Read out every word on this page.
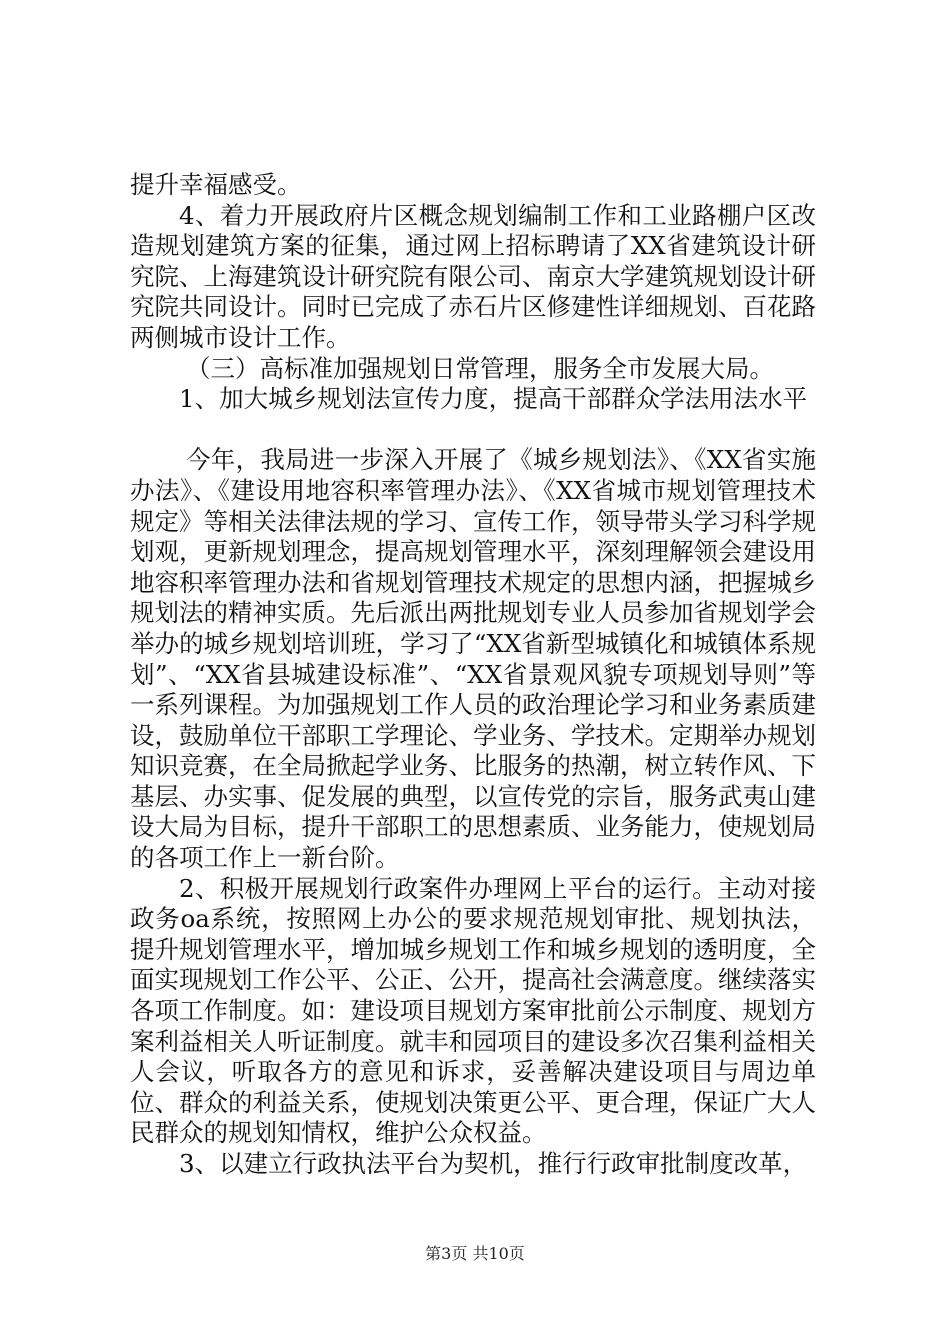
提升幸福感受。

4、着力开展政府片区概念规划编制工作和工业路棚户区改造规划建筑方案的征集，通过网上招标聘请了XX省建筑设计研究院、上海建筑设计研究院有限公司、南京大学建筑规划设计研究院共同设计。同时已完成了赤石片区修建性详细规划、百花路两侧城市设计工作。

（三）高标准加强规划日常管理，服务全市发展大局。

1、加大城乡规划法宣传力度，提高干部群众学法用法水平

今年，我局进一步深入开展了《城乡规划法》、《XX省实施办法》、《建设用地容积率管理办法》、《XX省城市规划管理技术规定》等相关法律法规的学习、宣传工作，领导带头学习科学规划观，更新规划理念，提高规划管理水平，深刻理解领会建设用地容积率管理办法和省规划管理技术规定的思想内涵，把握城乡规划法的精神实质。先后派出两批规划专业人员参加省规划学会举办的城乡规划培训班，学习了“XX省新型城镇化和城镇体系规划”、“XX省县城建设标准”、“XX省景观风貌专项规划导则”等一系列课程。为加强规划工作人员的政治理论学习和业务素质建设，鼓励单位干部职工学理论、学业务、学技术。定期举办规划知识竞赛，在全局掀起学业务、比服务的热潮，树立转作风、下基层、办实事、促发展的典型，以宣传党的宗旨，服务武夷山建设大局为目标，提升干部职工的思想素质、业务能力，使规划局的各项工作上一新台阶。

2、积极开展规划行政案件办理网上平台的运行。主动对接政务oa系统，按照网上办公的要求规范规划审批、规划执法，提升规划管理水平，增加城乡规划工作和城乡规划的透明度，全面实现规划工作公平、公正、公开，提高社会满意度。继续落实各项工作制度。如：建设项目规划方案审批前公示制度、规划方案利益相关人听证制度。就丰和园项目的建设多次召集利益相关人会议，听取各方的意见和诉求，妥善解决建设项目与周边单位、群众的利益关系，使规划决策更公平、更合理，保证广大人民群众的规划知情权，维护公众权益。

3、以建立行政执法平台为契机，推行行政审批制度改革，

第3页 共10页
